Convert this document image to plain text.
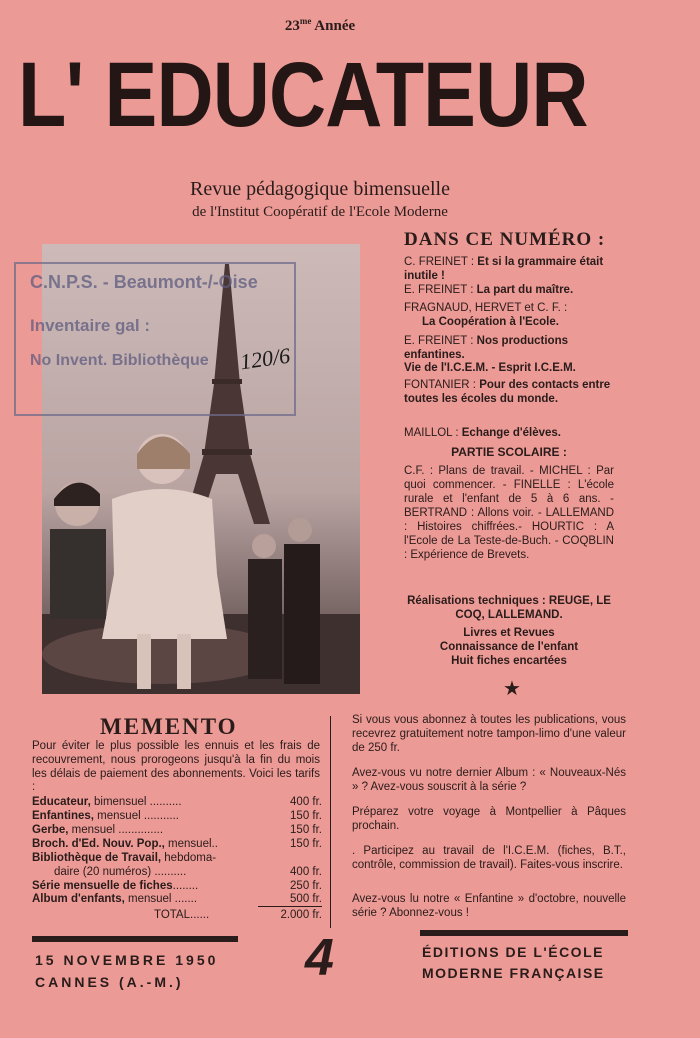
$23^{me}$ Année
L' EDUCATEUR
Revue pédagogique bimensuelle
de l'Institut Coopératif de l'Ecole Moderne
C.N.P.S. - Beaumont-/-Oise
Inventaire gal :
No Invent. Bibliothèque 120/6
DANS CE NUMÉRO :
C. FREINET : Et si la grammaire était inutile !
E. FREINET : La part du maître.
FRAGNAUD, HERVET et C. F. :
La Coopération à l'Ecole.
E. FREINET : Nos productions enfantines.
Vie de l'I.C.E.M. - Esprit I.C.E.M.
FONTANIER : Pour des contacts entre toutes les écoles du monde.
MAILLOL : Echange d'élèves.
PARTIE SCOLAIRE :
C.F. : Plans de travail. - MICHEL : Par quoi commencer. - FINELLE : L'école rurale et l'enfant de 5 à 6 ans. - BERTRAND : Allons voir. - LALLEMAND : Histoires chiffrées.- HOURTIC : A l'Ecole de La Teste-de-Buch. - COQBLIN : Expérience de Brevets.
Réalisations techniques : REUGE, LE COQ, LALLEMAND.
Livres et Revues
Connaissance de l'enfant
Huit fiches encartées
★
MEMENTO
Pour éviter le plus possible les ennuis et les frais de recouvrement, nous prorogeons jusqu'à la fin du mois les délais de paiement des abonnements. Voici les tarifs :
Educateur, bimensuel ..........	400 fr.
Enfantines, mensuel ...........	150 fr.
Gerbe, mensuel ..............	150 fr.
Broch. d'Ed. Nouv. Pop., mensuel..	150 fr.
Bibliothèque de Travail, hebdoma-
daire (20 numéros) ..........	400 fr.
Série mensuelle de fiches........	250 fr.
Album d'enfants, mensuel .......	500 fr.
TOTAL......	2.000 fr.
Si vous vous abonnez à toutes les publications, vous recevrez gratuitement notre tampon-limo d'une valeur de 250 fr.
Avez-vous vu notre dernier Album : « Nouveaux-Nés » ? Avez-vous souscrit à la série ?
Préparez votre voyage à Montpellier à Pâques prochain.
. Participez au travail de l'I.C.E.M. (fiches, B.T., contrôle, commission de travail). Faites-vous inscrire.
Avez-vous lu notre « Enfantine » d'octobre, nouvelle série ? Abonnez-vous !
15 NOVEMBRE 1950
CANNES (A.-M.) 4	ÉDITIONS DE L'ÉCOLE
MODERNE FRANÇAISE
